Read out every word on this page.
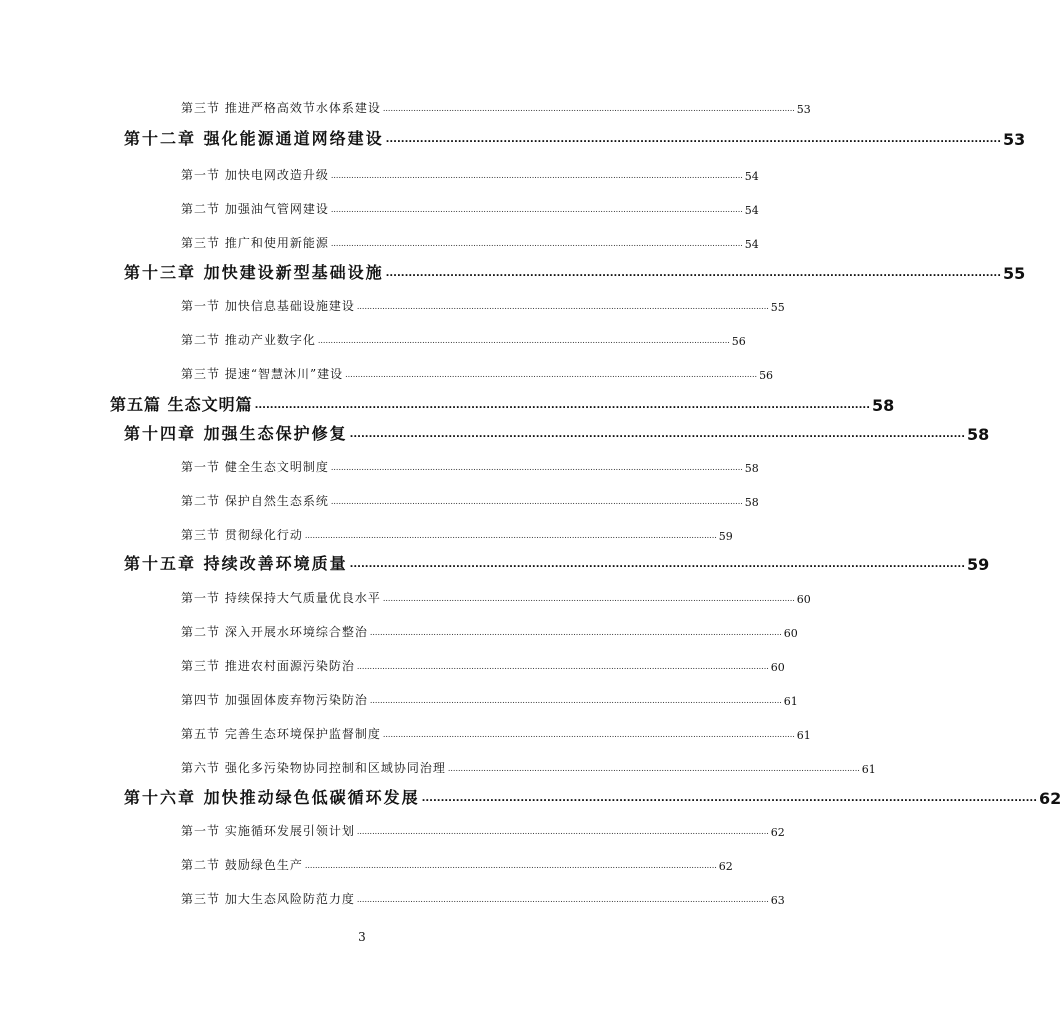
第三节 推进严格高效节水体系建设 .................................................................................................................................................................. 53
第十二章 强化能源通道网络建设 .................................................................................................................................................................. 53
第一节 加快电网改造升级 .................................................................................................................................................................. 54
第二节 加强油气管网建设 .................................................................................................................................................................. 54
第三节 推广和使用新能源 .................................................................................................................................................................. 54
第十三章 加快建设新型基础设施 .................................................................................................................................................................. 55
第一节 加快信息基础设施建设 .................................................................................................................................................................. 55
第二节 推动产业数字化 .................................................................................................................................................................. 56
第三节 提速“智慧沐川”建设 .................................................................................................................................................................. 56
第五篇 生态文明篇 .................................................................................................................................................................. 58
第十四章 加强生态保护修复 .................................................................................................................................................................. 58
第一节 健全生态文明制度 .................................................................................................................................................................. 58
第二节 保护自然生态系统 .................................................................................................................................................................. 58
第三节 贯彻绿化行动 .................................................................................................................................................................. 59
第十五章 持续改善环境质量 .................................................................................................................................................................. 59
第一节 持续保持大气质量优良水平 .................................................................................................................................................................. 60
第二节 深入开展水环境综合整治 .................................................................................................................................................................. 60
第三节 推进农村面源污染防治 .................................................................................................................................................................. 60
第四节 加强固体废弃物污染防治 .................................................................................................................................................................. 61
第五节 完善生态环境保护监督制度 .................................................................................................................................................................. 61
第六节 强化多污染物协同控制和区域协同治理 .................................................................................................................................................................. 61
第十六章 加快推动绿色低碳循环发展 .................................................................................................................................................................. 62
第一节 实施循环发展引领计划 .................................................................................................................................................................. 62
第二节 鼓励绿色生产 .................................................................................................................................................................. 62
第三节 加大生态风险防范力度 .................................................................................................................................................................. 63
3
